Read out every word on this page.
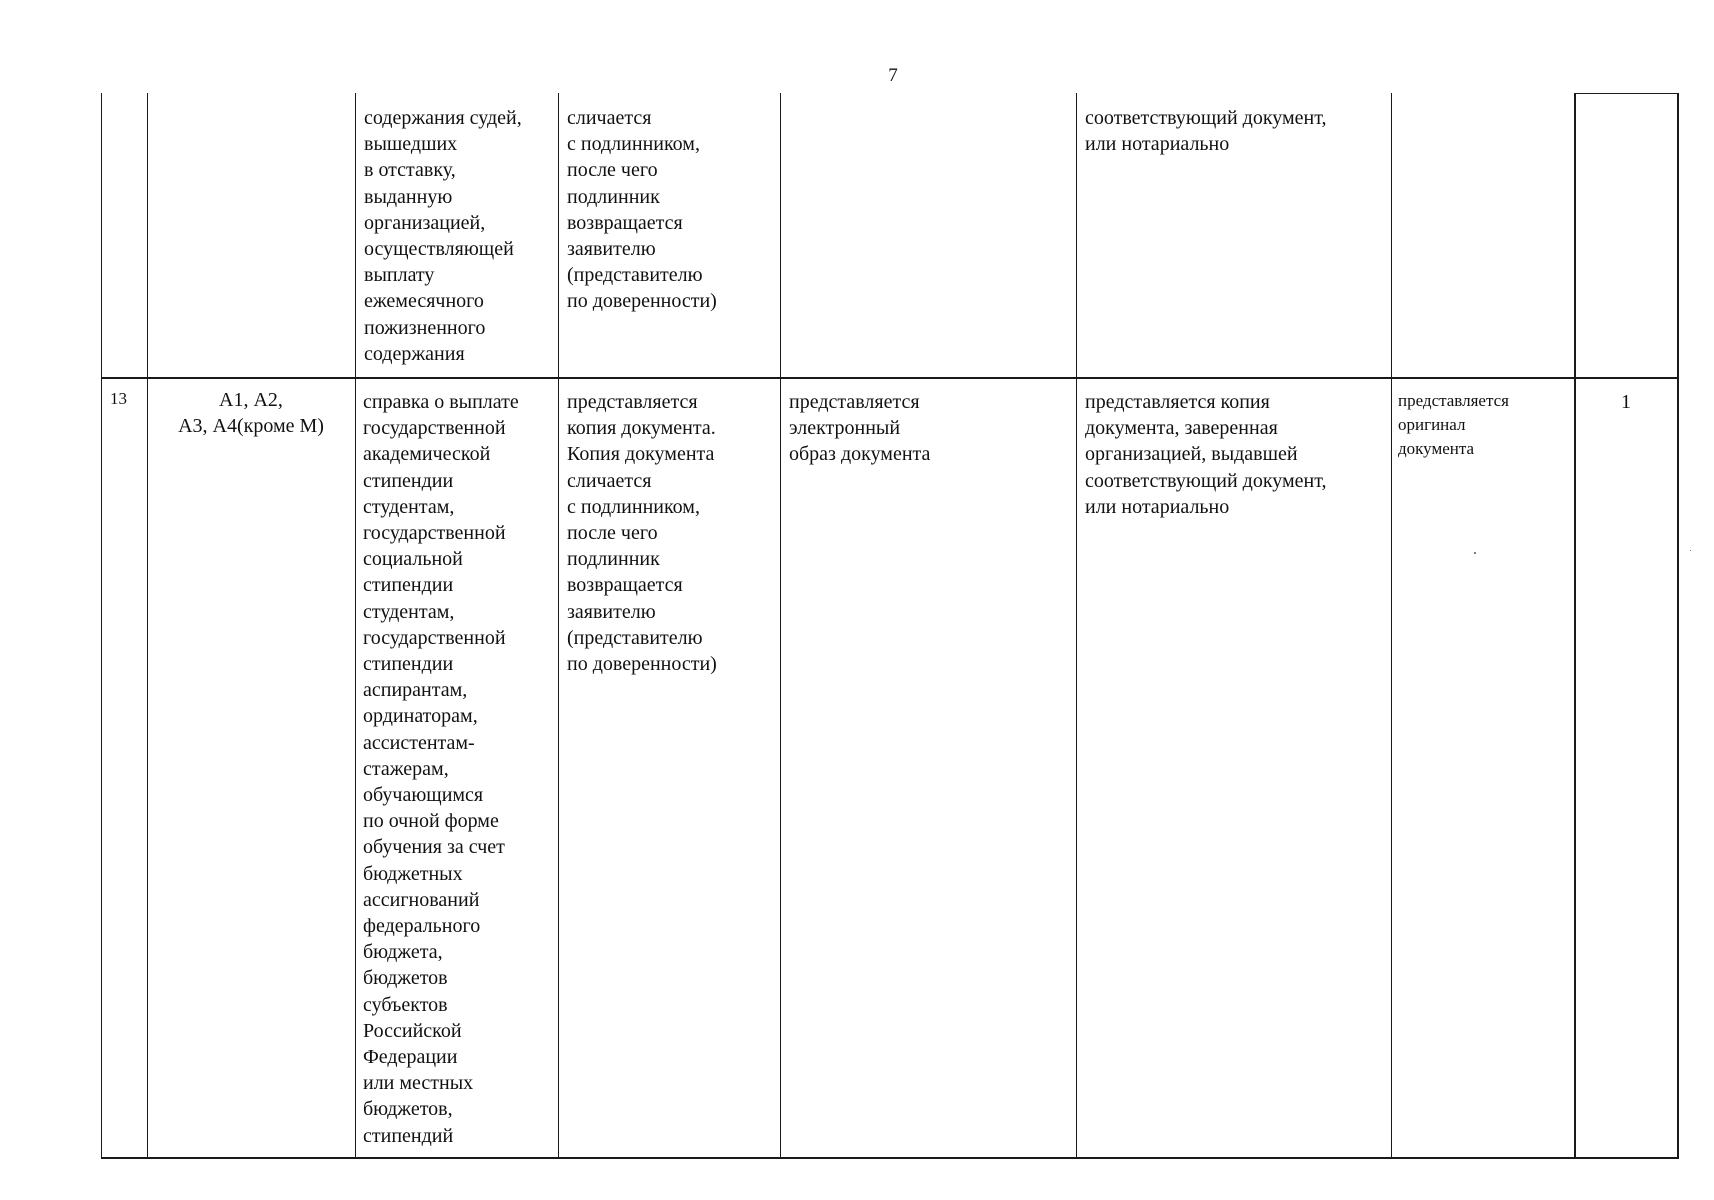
7
содержания судей,
вышедших
в отставку,
выданную
организацией,
осуществляющей
выплату
ежемесячного
пожизненного
содержания
сличается
с подлинником,
после чего
подлинник
возвращается
заявителю
(представителю
по доверенности)
соответствующий документ,
или нотариально
13	А1, А2,
А3, А4(кроме М)
справка о выплате
государственной
академической
стипендии
студентам,
государственной
социальной
стипендии
студентам,
государственной
стипендии
аспирантам,
ординаторам,
ассистентам-
стажерам,
обучающимся
по очной форме
обучения за счет
бюджетных
ассигнований
федерального
бюджета,
бюджетов
субъектов
Российской
Федерации
или местных
бюджетов,
стипендий
представляется
копия документа.
Копия документа
сличается
с подлинником,
после чего
подлинник
возвращается
заявителю
(представителю
по доверенности)
представляется
электронный
образ документа
представляется копия
документа, заверенная
организацией, выдавшей
соответствующий документ,
или нотариально
представляется
оригинал
документа
1
